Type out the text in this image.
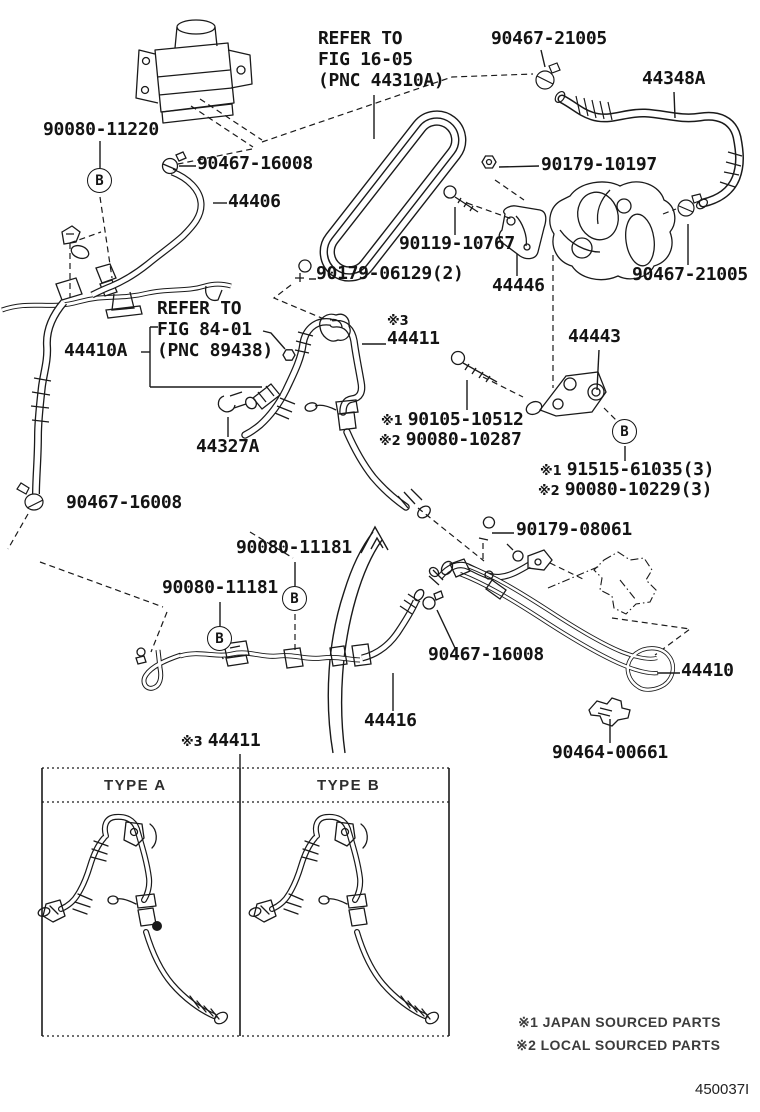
90080-11220
B
90467-16008
44406
REFER TO
FIG 16-05
(PNC 44310A)
90467-21005
44348A
90179-10197
90119-10767
44446
90467-21005
90179-06129(2)
REFER TO
FIG 84-01
(PNC 89438)
44410A
44327A
※3
44411	44443
※1 90105-10512
※2 90080-10287	B
※1 91515-61035(3)
※2 90080-10229(3)
90467-16008
90179-08061
90080-11181
B
90080-11181
B
90467-16008
44416
44410
90464-00661
※3 44411
TYPE A	TYPE B
※1 JAPAN SOURCED PARTS
※2 LOCAL SOURCED PARTS
450037I
